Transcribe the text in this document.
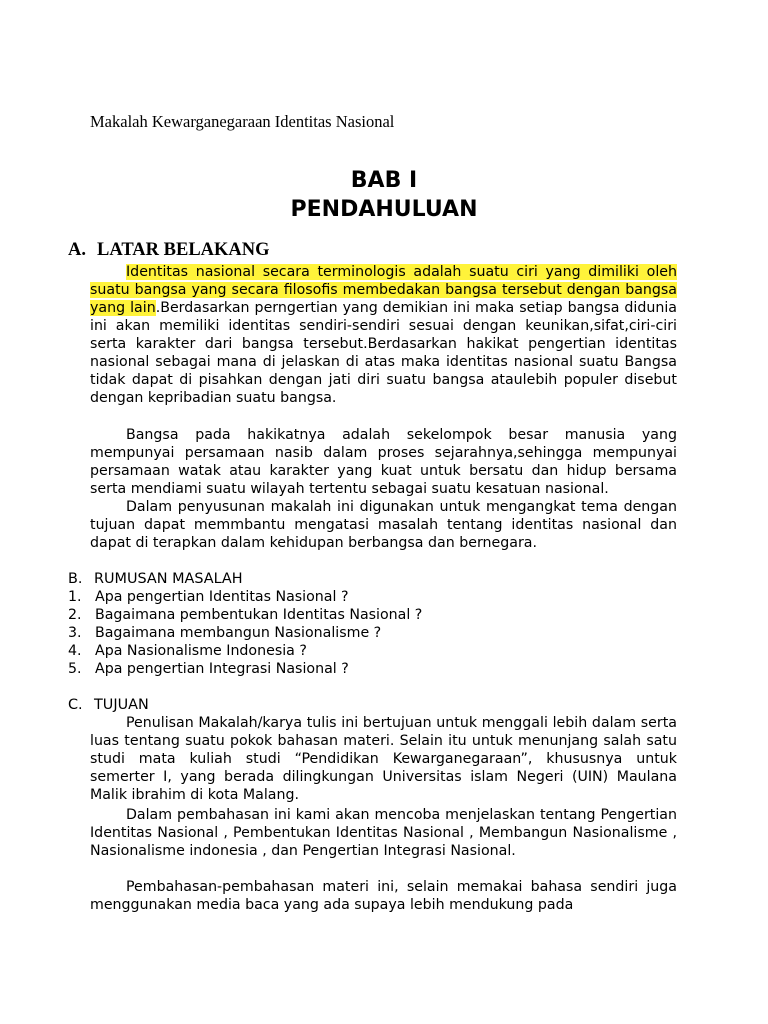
Makalah Kewarganegaraan Identitas Nasional
BAB I
PENDAHULUAN
A. LATAR BELAKANG

Identitas nasional secara terminologis adalah suatu ciri yang dimiliki oleh suatu bangsa yang secara filosofis membedakan bangsa tersebut dengan bangsa yang lain.Berdasarkan perngertian yang demikian ini maka setiap bangsa didunia ini akan memiliki identitas sendiri-sendiri sesuai dengan keunikan,sifat,ciri-ciri serta karakter dari bangsa tersebut.Berdasarkan hakikat pengertian identitas nasional sebagai mana di jelaskan di atas maka identitas nasional suatu Bangsa tidak dapat di pisahkan dengan jati diri suatu bangsa ataulebih populer disebut dengan kepribadian suatu bangsa.

Bangsa pada hakikatnya adalah sekelompok besar manusia yang mempunyai persamaan nasib dalam proses sejarahnya,sehingga mempunyai persamaan watak atau karakter yang kuat untuk bersatu dan hidup bersama serta mendiami suatu wilayah tertentu sebagai suatu kesatuan nasional.

Dalam penyusunan makalah ini digunakan untuk mengangkat tema dengan tujuan dapat memmbantu mengatasi masalah tentang identitas nasional dan dapat di terapkan dalam kehidupan berbangsa dan bernegara.

B. RUMUSAN MASALAH
1. Apa pengertian Identitas Nasional ?
2. Bagaimana pembentukan Identitas Nasional ?
3. Bagaimana membangun Nasionalisme ?
4. Apa Nasionalisme Indonesia ?
5. Apa pengertian Integrasi Nasional ?
C. TUJUAN

Penulisan Makalah/karya tulis ini bertujuan untuk menggali lebih dalam serta luas tentang suatu pokok bahasan materi. Selain itu untuk menunjang salah satu studi mata kuliah studi “Pendidikan Kewarganegaraan”, khususnya untuk semerter I, yang berada dilingkungan Universitas islam Negeri (UIN) Maulana Malik ibrahim di kota Malang.

Dalam pembahasan ini kami akan mencoba menjelaskan tentang Pengertian Identitas Nasional , Pembentukan Identitas Nasional , Membangun Nasionalisme , Nasionalisme indonesia , dan Pengertian Integrasi Nasional.

Pembahasan-pembahasan materi ini, selain memakai bahasa sendiri juga menggunakan media baca yang ada supaya lebih mendukung pada
